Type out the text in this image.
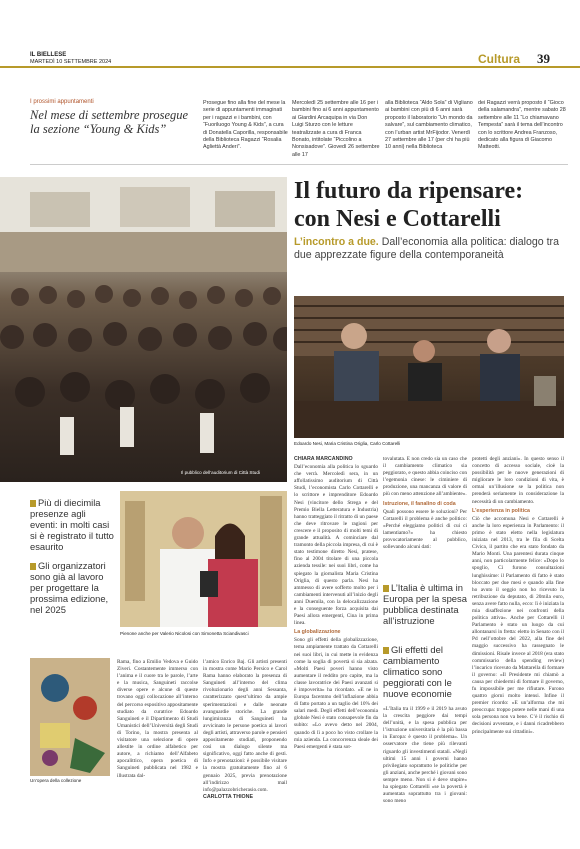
IL BIELLESE
MARTEDÌ 10 SETTEMBRE 2024	Cultura 39
I prossimi appuntamenti
Nel mese di settembre prosegue la sezione “Young & Kids”
Prosegue fino alla fine del mese la serie di appuntamenti immaginati per i ragazzi e i bambini, con “Fuoriluogo Young & Kids”, a cura di Donatella Caporilla, responsabile della Biblioteca Ragazzi “Rosalia Agliettà Anderi”.
Mercoledì 25 settembre alle 16 per i bambini fino ai 6 anni appuntamento ai Giardini Arcaquipa in via Don Luigi Sturzo con le letture teatralizzate a cura di Franca Bonato, intitolate “Piccolino a Nonsisadove”. Giovedì 26 settembre alle 17
alla Biblioteca “Aldo Sola” di Vigliano ai bambini con più di 6 anni sarà proposto il laboratorio “Un mondo da salvare”, sul cambiamento climatico, con l’urban artist MrFijodor. Venerdì 27 settembre alle 17 (per chi ha più 10 anni) nella Biblioteca
dei Ragazzi verrà proposto il “Gioco della salamandra”, mentre sabato 28 settembre alle 11 “Lo chiamavano Tempesta” sarà il tema dell’incontro con lo scrittore Andrea Franzoso, dedicato alla figura di Giacomo Matteotti.
Il pubblico dell’auditorium di Città Studi
Il futuro da ripensare: con Nesi e Cottarelli
L’incontro a due. Dall’economia alla politica: dialogo tra due apprezzate figure della contemporaneità
Edoardo Nesi, Maria Cristina Origlia, Carlo Cottarelli
Più di diecimila presenze agli eventi: in molti casi si è registrato il tutto esaurito
Gli organizzatori sono già al lavoro per progettare la prossima edizione, nel 2025
Pienone anche per Valerio Nicolosi con Simonetta Sciandivasci
Un’opera della collezione
Rama, fino a Emilio Vedova e Guido Ziveri. Costantemente immerso con l’anima e il cuore tra le parole, l’arte e la musica, Sanguineti raccolse diverse opere e alcune di queste trovano oggi collocazione all’interno del percorso espositivo appositamente studiato da curatrice Edoardo Sanguineti e il Dipartimento di Studi Umanistici dell’Università degli Studi di Torino, la mostra presenta al visitatore una selezione di opere allestite in ordine alfabetico per autore, a richiamo dell’Alfabeto apocalittico, opera poetica di Sanguineti pubblicata nel 1982 e illustrata dal-
l’amico Enrico Baj. Gli artisti presenti in mostra come Mario Persico e Carol Rama hanno elaborato la presenza di Sanguineti all’interno del clima rivoluzionario degli anni Sessanta, caratterizzato quest’ultimo da ampie sperimentazioni e dalle neonate avanguardie storiche. La grande lungimiranza di Sanguineti ha avvicinato le persone poetica ai lavori degli artisti, attraverso parole e pensieri appositamente studiati, proponendo così un dialogo silente ma significativo, oggi fatto anche di gesti. Info e prenotazioni: è possibile visitare la mostra gratuitamente fino al 6 gennaio 2025, previa prenotazione all’indirizzo mail info@palazzobricherasio.com. CARLOTTA THIONE
CHIARA MARCANDINO

Dall’economia alla politica lo sguardo che verrà. Mercoledì sera, in un affollatissimo auditorium di Città Studi, l’economista Carlo Cottarelli e lo scrittore e imprenditore Edoardo Nesi (vincitore dello Strega e del Premio Biella Letteratura e Industria) hanno tratteggiato il ritratto di un paese che deve ritrovare le ragioni per crescere e il proposito di molti temi di grande attualità. A cominciare dal tramonto della piccola impresa, di cui è stato testimone diretto Nesi, pratese, fino al 2004 titolare di una piccola azienda tessile: nei suoi libri, come ha spiegato la giornalista Maria Cristina Origlia, di questo parla. Nesi ha ammesso di avere sofferto molto per i cambiamenti intervenuti all’inizio degli anni Duemila, con la delocalizzazione e la conseguente forza acquisita dai Paesi allora emergenti, Cina in prima linea.

La globalizzazione

Sono gli effetti della globalizzazione, tema ampiamente trattato da Cottarelli nei suoi libri, in cui mette in evidenza come la soglia di povertà si sia alzata. «Molti Paesi poveri hanno visto aumentare il reddito pro capite, ma la classe lavoratrice dei Paesi avanzati si è impoverita» ha ricordato. «E ne in Europa facemmo dell’inflazione abbia di fatto portato a un taglio del 10% dei salari medi. Degli effetti dell’economia globale Nesi è stato consapevole fin da subito: «Lo avevo detto nel 2004, quando di lì a poco ho visto crollare la mia azienda. La concorrenza sleale dei Paesi emergenti è stata sot-

tovalutata. E non credo sia un caso che il cambiamento climatico sia peggiorato, e questo abbia coinciso con l’egemonia cinese: le ciminiere di produzione, una mancanza di valore di più con meno attenzione all’ambiente».

Istruzione, il fanalino di coda

Quali possono essere le soluzioni? Per Cottarelli il problema è anche politico: «Perché eleggiamo politici di cui ci lamentiamo?» ha chiesto provocatoriamente al pubblico, sollevando alcuni dati:

L’Italia è ultima in Europa per la spesa pubblica destinata all’istruzione
Gli effetti del cambiamento climatico sono peggiorati con le nuove economie

«L’Italia tra il 1999 e il 2019 ha avuto la crescita peggiore dai tempi dell’unità, e la spesa pubblica per l’istruzione universitaria è la più bassa in Europa: è questo il problema». Un osservatore che tiene più rilevanti riguardo gli investimenti statali. «Negli ultimi 15 anni i governi hanno privilegiato soprattutto le politiche per gli anziani, anche perché i giovani sono sempre meno. Non si è deve stupire» ha spiegato Cottarelli «se la povertà è aumentata soprattutto tra i giovani: sono meno

protetti degli anziani». In questo senso il concetto di accesso sociale, cioè la possibilità per le nuove generazioni di migliorare le loro condizioni di vita, è ormai un’illusione se la politica non prenderà seriamente in considerazione la necessità di un cambiamento.

L’esperienza in politica

Ciò che accomuna Nesi e Cottarelli è anche la loro esperienza in Parlamento: il primo è stato eletto nella legislatura iniziata nel 2013, tra le fila di Scelta Civica, il partito che era stato fondato da Mario Monti. Una parentesi durata cinque anni, non particolarmente felice: «Dopo lo spoglio, Ci furono consultazioni lunghissime: il Parlamento di fatto è stato bloccato per due mesi e quando alla fine ho avuto il seggio non ho ricevuto la retribuzione da deputato, di 20mila euro, senza avere fatto nulla, ecco: lì è iniziata la mia disaffezione nei confronti della politica attiva». Anche per Cottarelli il Parlamento è stato un luogo da cui allontanarsi in fretta: eletto in Senato con il Pd nell’ottobre del 2022, alla fine del maggio successivo ha rassegnato le dimissioni. Risale invece al 2018 (era stato commissario della spending review) l’incarico ricevuto da Mattarella di formare il governo: «Il Presidente mi chiamò a causa per chiedermi di formare il governo, fu impossibile per me rifiutare. Furono quattro giorni molto intensi. Infine il premier ricordo: «E un’alforma che mi preoccupa: troppo potere nelle mani di una sola persona non va bene. C’è il rischio di decisioni avventate, e i danni ricadrebbero principalmente sui cittadini».
